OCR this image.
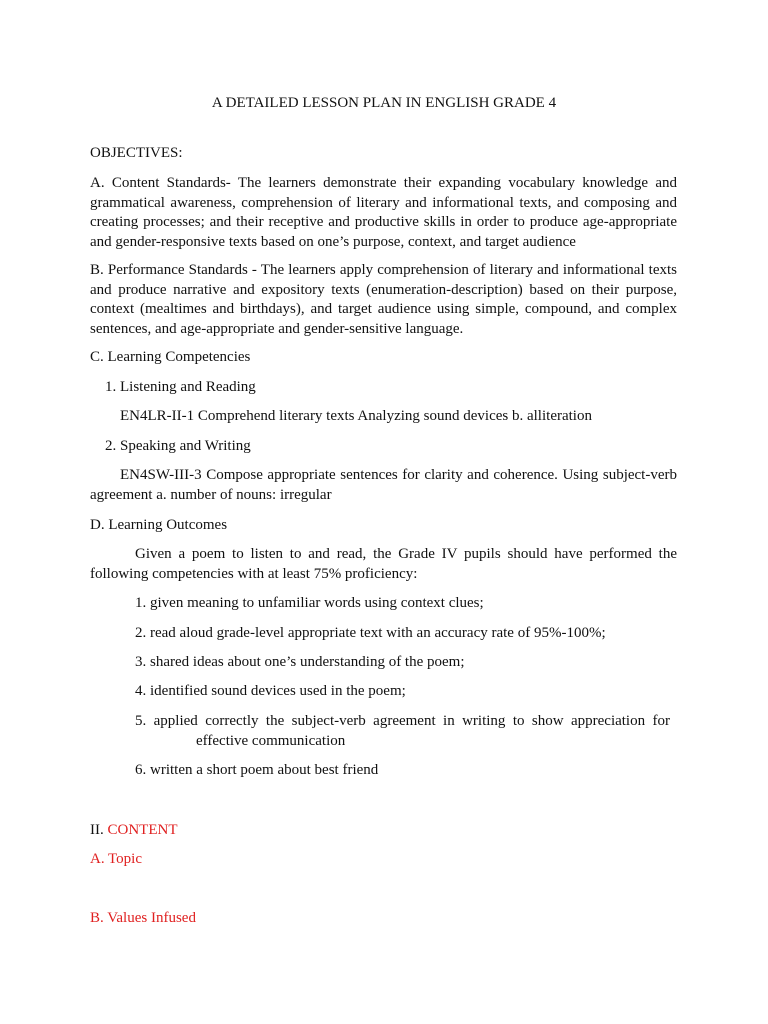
A DETAILED LESSON PLAN IN ENGLISH GRADE 4
OBJECTIVES:
A. Content Standards- The learners demonstrate their expanding vocabulary knowledge and grammatical awareness, comprehension of literary and informational texts, and composing and creating processes; and their receptive and productive skills in order to produce age-appropriate and gender-responsive texts based on one’s purpose, context, and target audience
B. Performance Standards - The learners apply comprehension of literary and informational texts and produce narrative and expository texts (enumeration-description) based on their purpose, context (mealtimes and birthdays), and target audience using simple, compound, and complex sentences, and age-appropriate and gender-sensitive language.
C. Learning Competencies
1. Listening and Reading
EN4LR-II-1 Comprehend literary texts Analyzing sound devices b. alliteration
2. Speaking and Writing
EN4SW-III-3 Compose appropriate sentences for clarity and coherence. Using subject-verb agreement a. number of nouns: irregular
D. Learning Outcomes
Given a poem to listen to and read, the Grade IV pupils should have performed the following competencies with at least 75% proficiency:
1. given meaning to unfamiliar words using context clues;
2. read aloud grade-level appropriate text with an accuracy rate of 95%-100%;
3. shared ideas about one’s understanding of the poem;
4. identified sound devices used in the poem;
5. applied correctly the subject-verb agreement in writing to show appreciation for
effective communication
6. written a short poem about best friend
II. CONTENT
A. Topic
B. Values Infused
